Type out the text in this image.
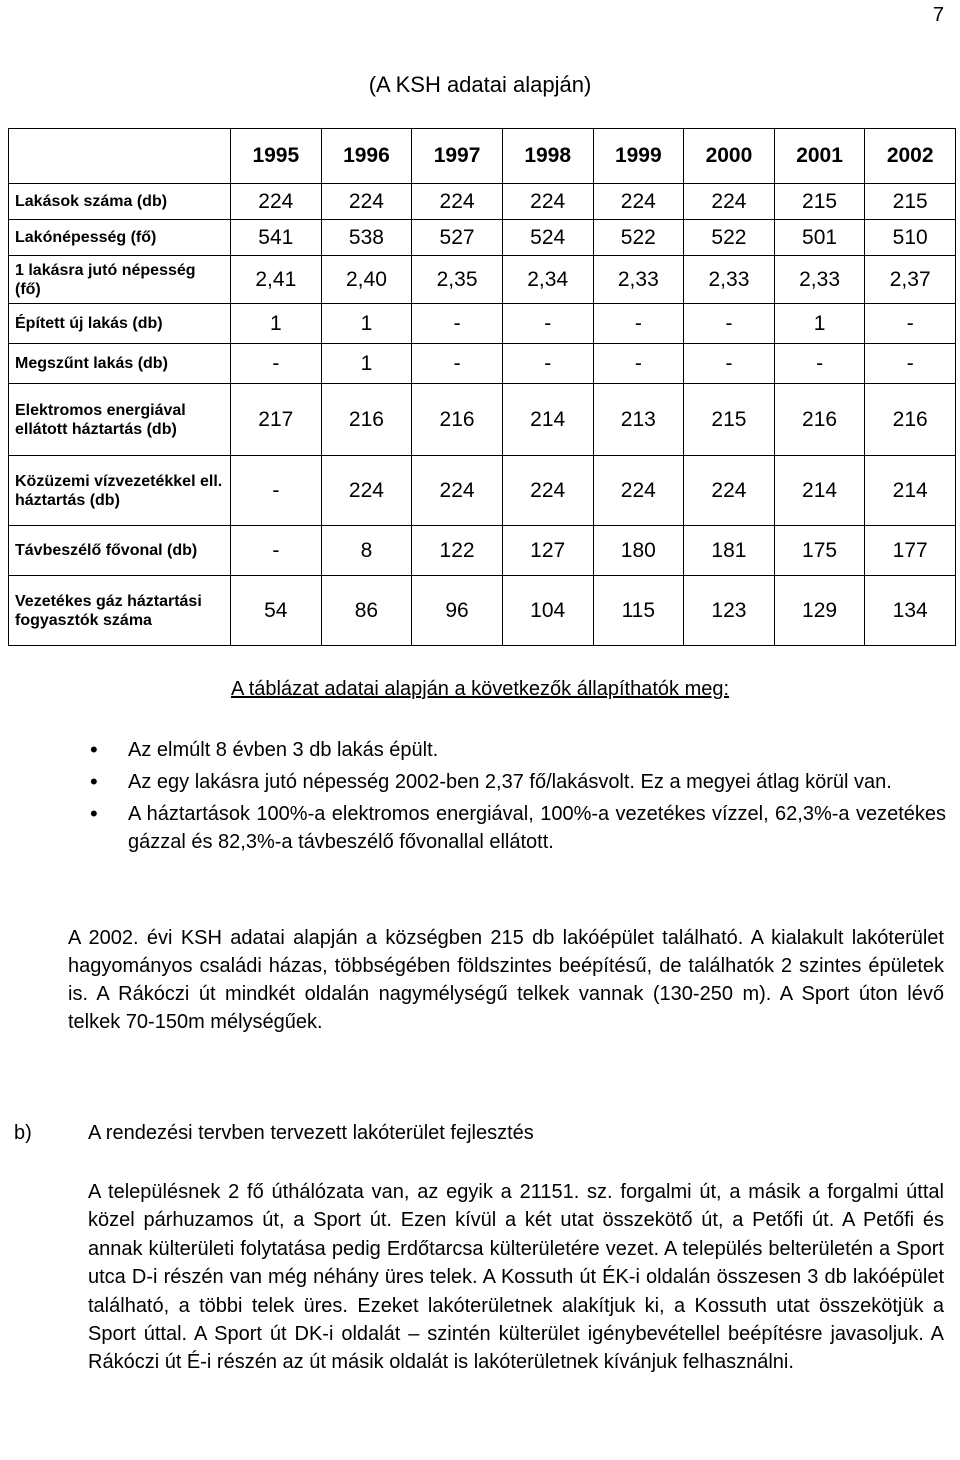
7
(A KSH adatai alapján)
	1995	1996	1997	1998	1999	2000	2001	2002
Lakások száma (db)	224	224	224	224	224	224	215	215
Lakónépesség (fő)	541	538	527	524	522	522	501	510
1 lakásra jutó népesség (fő)	2,41	2,40	2,35	2,34	2,33	2,33	2,33	2,37
Épített új lakás (db)	1	1	-	-	-	-	1	-
Megszűnt lakás (db)	-	1	-	-	-	-	-	-
Elektromos energiával ellátott háztartás (db)	217	216	216	214	213	215	216	216
Közüzemi vízvezetékkel ell. háztartás (db)	-	224	224	224	224	224	214	214
Távbeszélő fővonal (db)	-	8	122	127	180	181	175	177
Vezetékes gáz háztartási fogyasztók száma	54	86	96	104	115	123	129	134
A táblázat adatai alapján a következők állapíthatók meg:
• Az elmúlt 8 évben 3 db lakás épült.
• Az egy lakásra jutó népesség 2002-ben 2,37 fő/lakásvolt. Ez a megyei átlag körül van.
• A háztartások 100%-a elektromos energiával, 100%-a vezetékes vízzel, 62,3%-a vezetékes gázzal és 82,3%-a távbeszélő fővonallal ellátott.

A 2002. évi KSH adatai alapján a községben 215 db lakóépület található. A kialakult lakóterület hagyományos családi házas, többségében földszintes beépítésű, de találhatók 2 szintes épületek is. A Rákóczi út mindkét oldalán nagymélységű telkek vannak (130-250 m). A Sport úton lévő telkek 70-150m mélységűek.

b)	A rendezési tervben tervezett lakóterület fejlesztés

A településnek 2 fő úthálózata van, az egyik a 21151. sz. forgalmi út, a másik a forgalmi úttal közel párhuzamos út, a Sport út. Ezen kívül a két utat összekötő út, a Petőfi út. A Petőfi és annak külterületi folytatása pedig Erdőtarcsa külterületére vezet. A település belterületén a Sport utca D-i részén van még néhány üres telek. A Kossuth út ÉK-i oldalán összesen 3 db lakóépület található, a többi telek üres. Ezeket lakóterületnek alakítjuk ki, a Kossuth utat összekötjük a Sport úttal. A Sport út DK-i oldalát – szintén külterület igénybevétellel beépítésre javasoljuk. A Rákóczi út É-i részén az út másik oldalát is lakóterületnek kívánjuk felhasználni.
